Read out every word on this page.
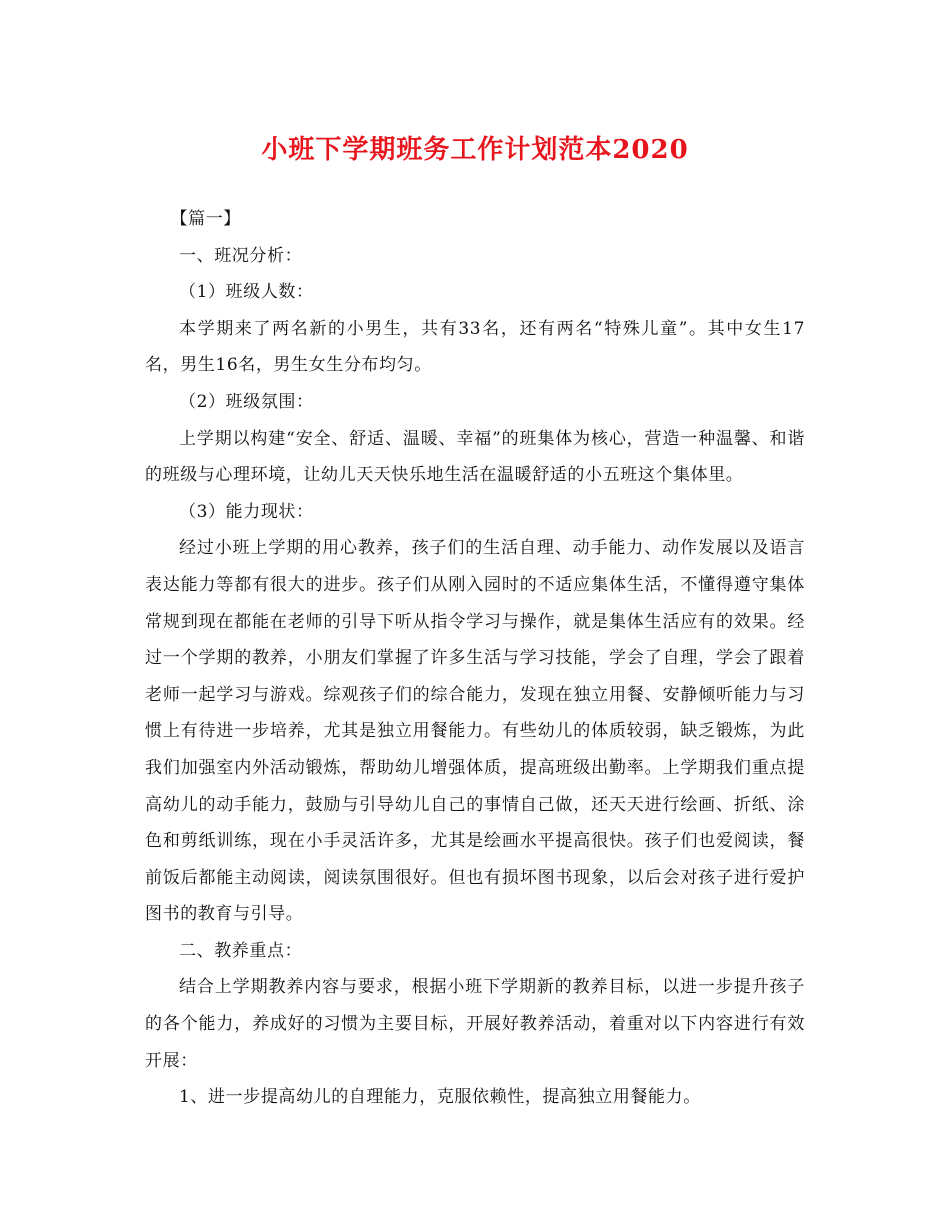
小班下学期班务工作计划范本2020

【篇一】

一、班况分析：

（1）班级人数：

本学期来了两名新的小男生，共有33名，还有两名“特殊儿童”。其中女生17名，男生16名，男生女生分布均匀。

（2）班级氛围：

上学期以构建“安全、舒适、温暖、幸福”的班集体为核心，营造一种温馨、和谐的班级与心理环境，让幼儿天天快乐地生活在温暖舒适的小五班这个集体里。

（3）能力现状：

经过小班上学期的用心教养，孩子们的生活自理、动手能力、动作发展以及语言表达能力等都有很大的进步。孩子们从刚入园时的不适应集体生活，不懂得遵守集体常规到现在都能在老师的引导下听从指令学习与操作，就是集体生活应有的效果。经过一个学期的教养，小朋友们掌握了许多生活与学习技能，学会了自理，学会了跟着老师一起学习与游戏。综观孩子们的综合能力，发现在独立用餐、安静倾听能力与习惯上有待进一步培养，尤其是独立用餐能力。有些幼儿的体质较弱，缺乏锻炼，为此我们加强室内外活动锻炼，帮助幼儿增强体质，提高班级出勤率。上学期我们重点提高幼儿的动手能力，鼓励与引导幼儿自己的事情自己做，还天天进行绘画、折纸、涂色和剪纸训练，现在小手灵活许多，尤其是绘画水平提高很快。孩子们也爱阅读，餐前饭后都能主动阅读，阅读氛围很好。但也有损坏图书现象，以后会对孩子进行爱护图书的教育与引导。

二、教养重点：

结合上学期教养内容与要求，根据小班下学期新的教养目标，以进一步提升孩子的各个能力，养成好的习惯为主要目标，开展好教养活动，着重对以下内容进行有效开展：

1、进一步提高幼儿的自理能力，克服依赖性，提高独立用餐能力。
